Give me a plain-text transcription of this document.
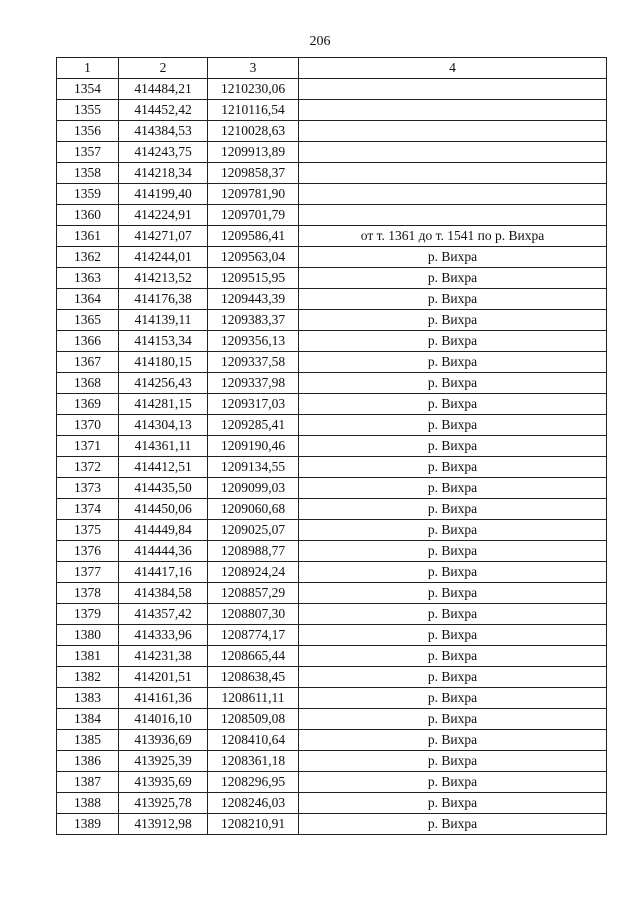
206
1	2	3	4
1354	414484,21	1210230,06	
1355	414452,42	1210116,54	
1356	414384,53	1210028,63	
1357	414243,75	1209913,89	
1358	414218,34	1209858,37	
1359	414199,40	1209781,90	
1360	414224,91	1209701,79	
1361	414271,07	1209586,41	от т. 1361 до т. 1541 по р. Вихра
1362	414244,01	1209563,04	р. Вихра
1363	414213,52	1209515,95	р. Вихра
1364	414176,38	1209443,39	р. Вихра
1365	414139,11	1209383,37	р. Вихра
1366	414153,34	1209356,13	р. Вихра
1367	414180,15	1209337,58	р. Вихра
1368	414256,43	1209337,98	р. Вихра
1369	414281,15	1209317,03	р. Вихра
1370	414304,13	1209285,41	р. Вихра
1371	414361,11	1209190,46	р. Вихра
1372	414412,51	1209134,55	р. Вихра
1373	414435,50	1209099,03	р. Вихра
1374	414450,06	1209060,68	р. Вихра
1375	414449,84	1209025,07	р. Вихра
1376	414444,36	1208988,77	р. Вихра
1377	414417,16	1208924,24	р. Вихра
1378	414384,58	1208857,29	р. Вихра
1379	414357,42	1208807,30	р. Вихра
1380	414333,96	1208774,17	р. Вихра
1381	414231,38	1208665,44	р. Вихра
1382	414201,51	1208638,45	р. Вихра
1383	414161,36	1208611,11	р. Вихра
1384	414016,10	1208509,08	р. Вихра
1385	413936,69	1208410,64	р. Вихра
1386	413925,39	1208361,18	р. Вихра
1387	413935,69	1208296,95	р. Вихра
1388	413925,78	1208246,03	р. Вихра
1389	413912,98	1208210,91	р. Вихра
